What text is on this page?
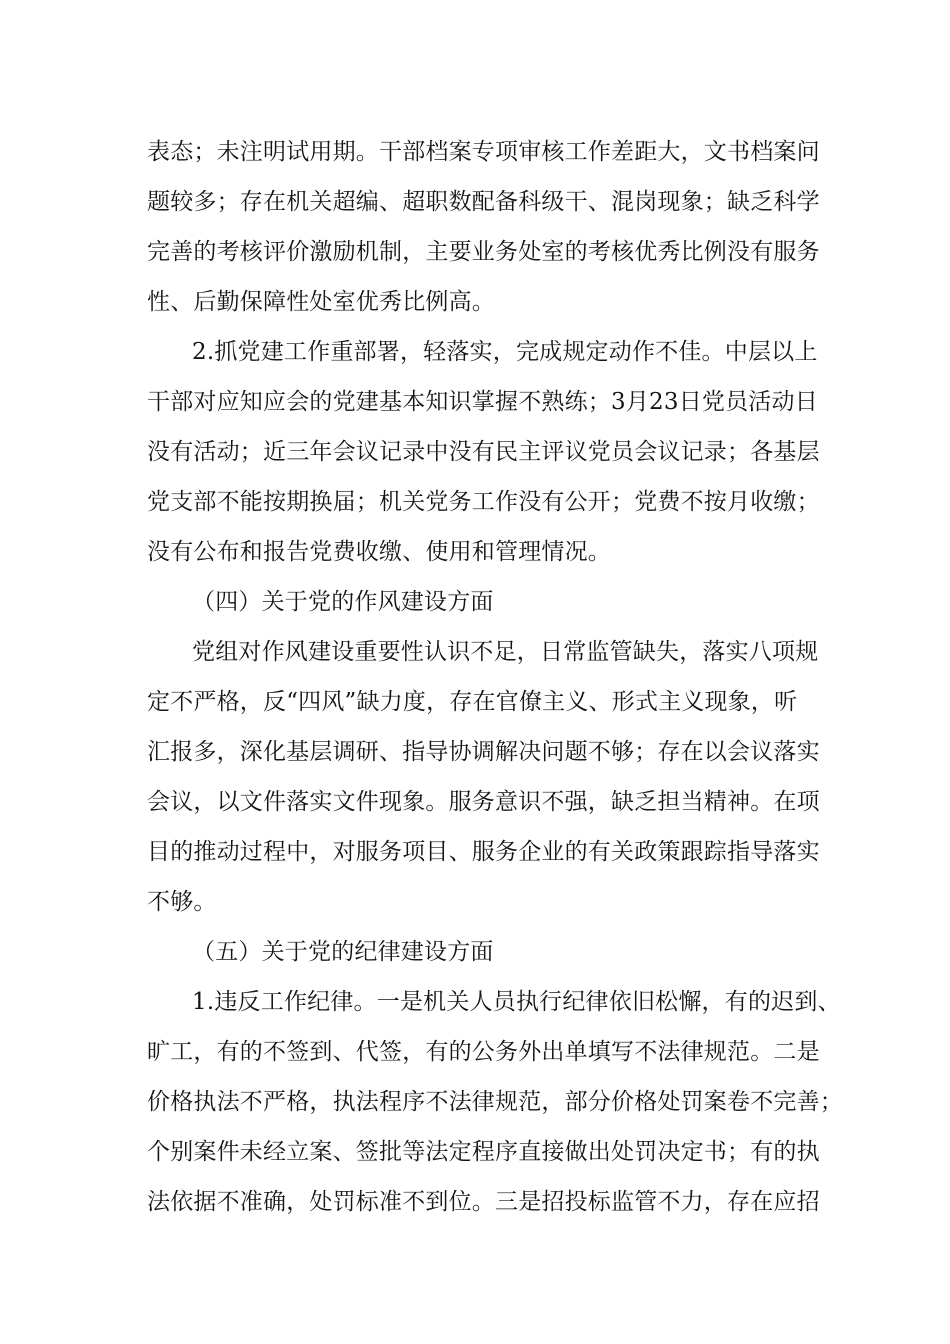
表态；未注明试用期。干部档案专项审核工作差距大，文书档案问
题较多；存在机关超编、超职数配备科级干、混岗现象；缺乏科学
完善的考核评价激励机制，主要业务处室的考核优秀比例没有服务
性、后勤保障性处室优秀比例高。
2.抓党建工作重部署，轻落实，完成规定动作不佳。中层以上
干部对应知应会的党建基本知识掌握不熟练；3月23日党员活动日
没有活动；近三年会议记录中没有民主评议党员会议记录；各基层
党支部不能按期换届；机关党务工作没有公开；党费不按月收缴；
没有公布和报告党费收缴、使用和管理情况。
（四）关于党的作风建设方面
党组对作风建设重要性认识不足，日常监管缺失，落实八项规
定不严格，反“四风”缺力度，存在官僚主义、形式主义现象，听
汇报多，深化基层调研、指导协调解决问题不够；存在以会议落实
会议，以文件落实文件现象。服务意识不强，缺乏担当精神。在项
目的推动过程中，对服务项目、服务企业的有关政策跟踪指导落实
不够。
（五）关于党的纪律建设方面
1.违反工作纪律。一是机关人员执行纪律依旧松懈，有的迟到、
旷工，有的不签到、代签，有的公务外出单填写不法律规范。二是
价格执法不严格，执法程序不法律规范，部分价格处罚案卷不完善；
个别案件未经立案、签批等法定程序直接做出处罚决定书；有的执
法依据不准确，处罚标准不到位。三是招投标监管不力，存在应招
